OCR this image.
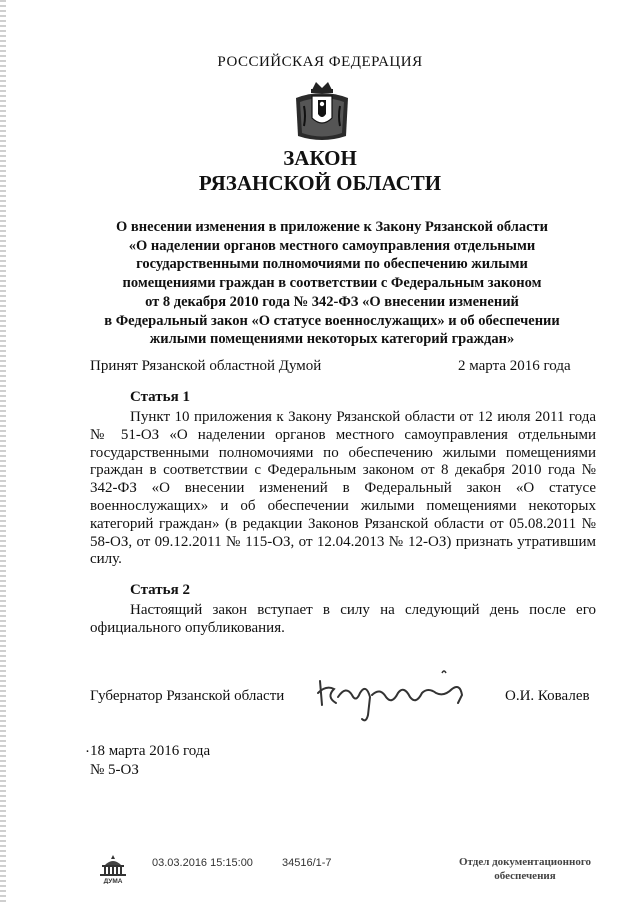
РОССИЙСКАЯ ФЕДЕРАЦИЯ
ЗАКОН
РЯЗАНСКОЙ ОБЛАСТИ
О внесении изменения в приложение к Закону Рязанской области
«О наделении органов местного самоуправления отдельными
государственными полномочиями по обеспечению жилыми
помещениями граждан в соответствии с Федеральным законом
от 8 декабря 2010 года № 342-ФЗ «О внесении изменений
в Федеральный закон «О статусе военнослужащих» и об обеспечении
жилыми помещениями некоторых категорий граждан»
Принят Рязанской областной Думой	2 марта 2016 года
Статья 1
Пункт 10 приложения к Закону Рязанской области от 12 июля 2011 года № 51-ОЗ «О наделении органов местного самоуправления отдельными государственными полномочиями по обеспечению жилыми помещениями граждан в соответствии с Федеральным законом от 8 декабря 2010 года № 342-ФЗ «О внесении изменений в Федеральный закон «О статусе военнослужащих» и об обеспечении жилыми помещениями некоторых категорий граждан» (в редакции Законов Рязанской области от 05.08.2011 № 58-ОЗ, от 09.12.2011 № 115-ОЗ, от 12.04.2013 № 12-ОЗ) признать утратившим силу.
Статья 2
Настоящий закон вступает в силу на следующий день после его официального опубликования.
Губернатор Рязанской области	О.И. Ковалев
· 18 марта 2016 года
№ 5-ОЗ
ДУМА
03.03.2016 15:15:00	34516/1-7	Отдел документационного
обеспечения
